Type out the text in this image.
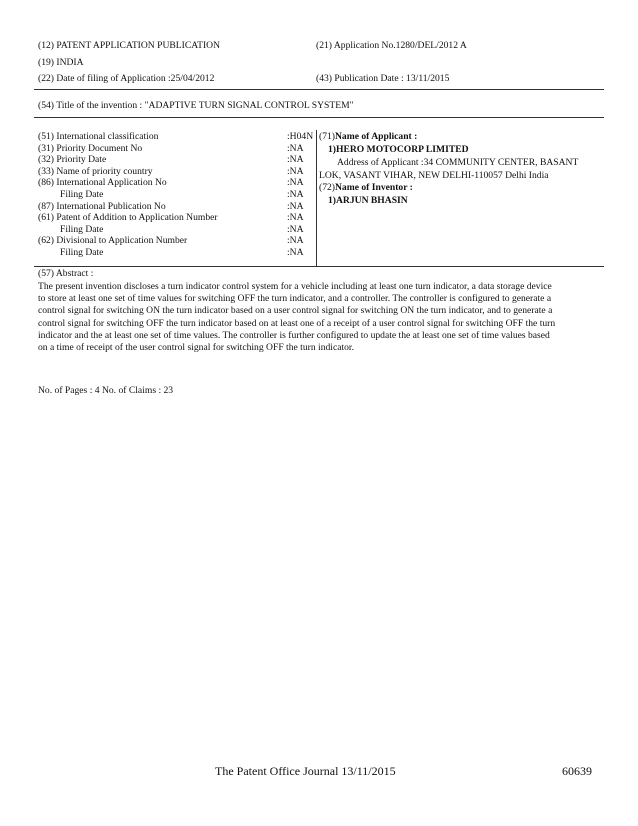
(12) PATENT APPLICATION PUBLICATION	(21) Application No.1280/DEL/2012 A
(19) INDIA
(22) Date of filing of Application :25/04/2012	(43) Publication Date : 13/11/2015
(54) Title of the invention : "ADAPTIVE TURN SIGNAL CONTROL SYSTEM"
(51) International classification	:H04N
(31) Priority Document No	:NA
(32) Priority Date	:NA
(33) Name of priority country	:NA
(86) International Application No	:NA
Filing Date	:NA
(87) International Publication No	:NA
(61) Patent of Addition to Application Number	:NA
Filing Date	:NA
(62) Divisional to Application Number	:NA
Filing Date	:NA
(71)Name of Applicant :
1)HERO MOTOCORP LIMITED
Address of Applicant :34 COMMUNITY CENTER, BASANT
LOK, VASANT VIHAR, NEW DELHI-110057 Delhi India
(72)Name of Inventor :
1)ARJUN BHASIN
(57) Abstract :
The present invention discloses a turn indicator control system for a vehicle including at least one turn indicator, a data storage device
to store at least one set of time values for switching OFF the turn indicator, and a controller. The controller is configured to generate a
control signal for switching ON the turn indicator based on a user control signal for switching ON the turn indicator, and to generate a
control signal for switching OFF the turn indicator based on at least one of a receipt of a user control signal for switching OFF the turn
indicator and the at least one set of time values. The controller is further configured to update the at least one set of time values based
on a time of receipt of the user control signal for switching OFF the turn indicator.
No. of Pages : 4 No. of Claims : 23
The Patent Office Journal 13/11/2015	60639
